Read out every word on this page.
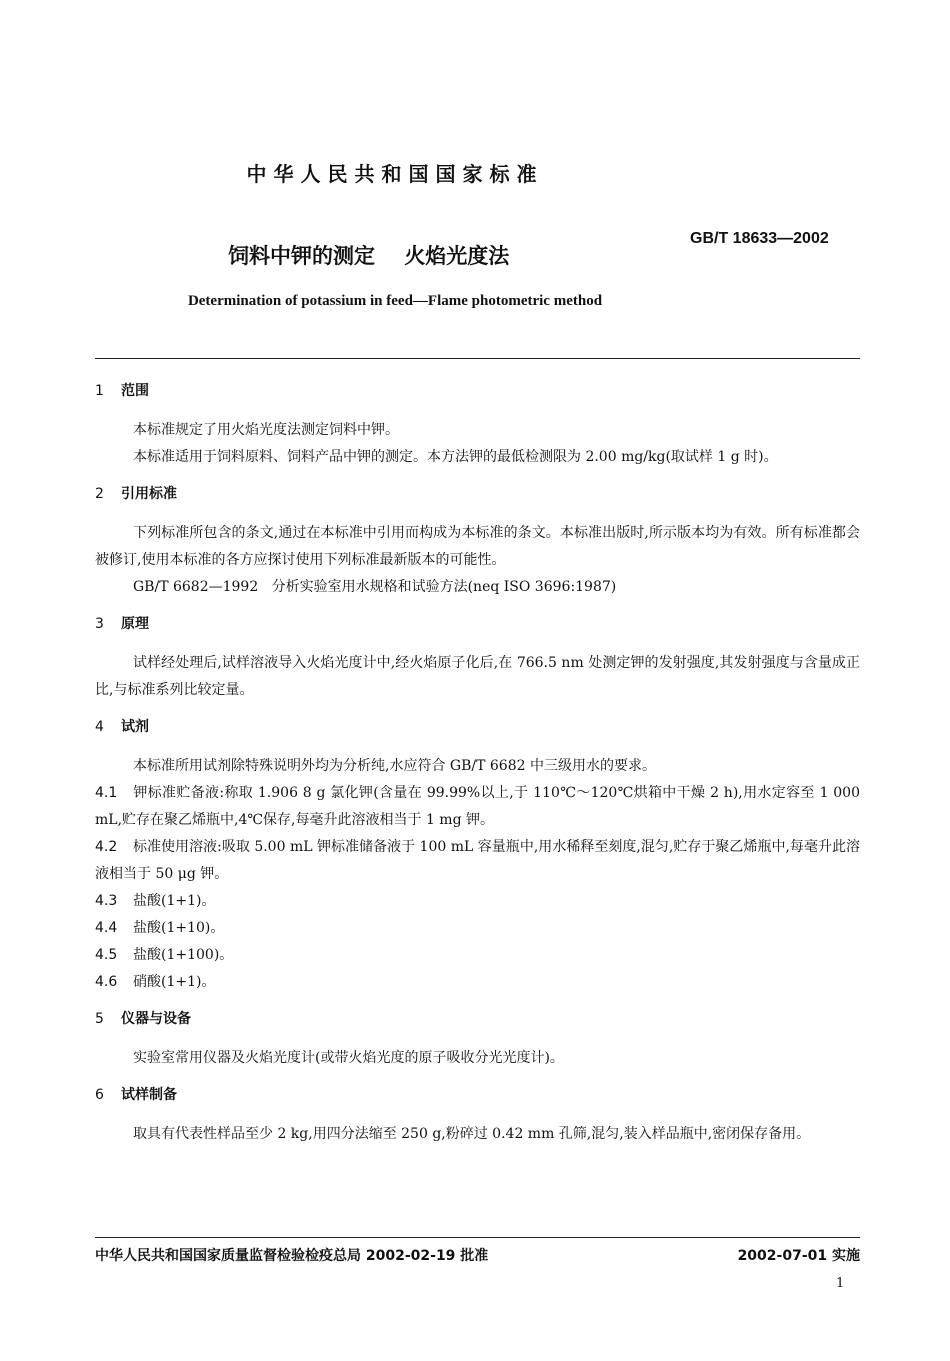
中华人民共和国国家标准
GB/T 18633—2002
饲料中钾的测定    火焰光度法
Determination of potassium in feed—Flame photometric method
1 范围

本标准规定了用火焰光度法测定饲料中钾。

本标准适用于饲料原料、饲料产品中钾的测定。本方法钾的最低检测限为 2.00 mg/kg(取试样 1 g 时)。

2 引用标准

下列标准所包含的条文,通过在本标准中引用而构成为本标准的条文。本标准出版时,所示版本均为有效。所有标准都会被修订,使用本标准的各方应探讨使用下列标准最新版本的可能性。

GB/T 6682—1992   分析实验室用水规格和试验方法(neq ISO 3696:1987)

3 原理

试样经处理后,试样溶液导入火焰光度计中,经火焰原子化后,在 766.5 nm 处测定钾的发射强度,其发射强度与含量成正比,与标准系列比较定量。

4 试剂

本标准所用试剂除特殊说明外均为分析纯,水应符合 GB/T 6682 中三级用水的要求。

4.1 钾标准贮备液:称取 1.906 8 g 氯化钾(含量在 99.99%以上,于 110℃～120℃烘箱中干燥 2 h),用水定容至 1 000 mL,贮存在聚乙烯瓶中,4℃保存,每毫升此溶液相当于 1 mg 钾。

4.2 标准使用溶液:吸取 5.00 mL 钾标准储备液于 100 mL 容量瓶中,用水稀释至刻度,混匀,贮存于聚乙烯瓶中,每毫升此溶液相当于 50 μg 钾。

4.3 盐酸(1+1)。

4.4 盐酸(1+10)。

4.5 盐酸(1+100)。

4.6 硝酸(1+1)。

5 仪器与设备

实验室常用仪器及火焰光度计(或带火焰光度的原子吸收分光光度计)。

6 试样制备

取具有代表性样品至少 2 kg,用四分法缩至 250 g,粉碎过 0.42 mm 孔筛,混匀,装入样品瓶中,密闭保存备用。

中华人民共和国国家质量监督检验检疫总局 2002-02-19 批准	2002-07-01 实施
1
